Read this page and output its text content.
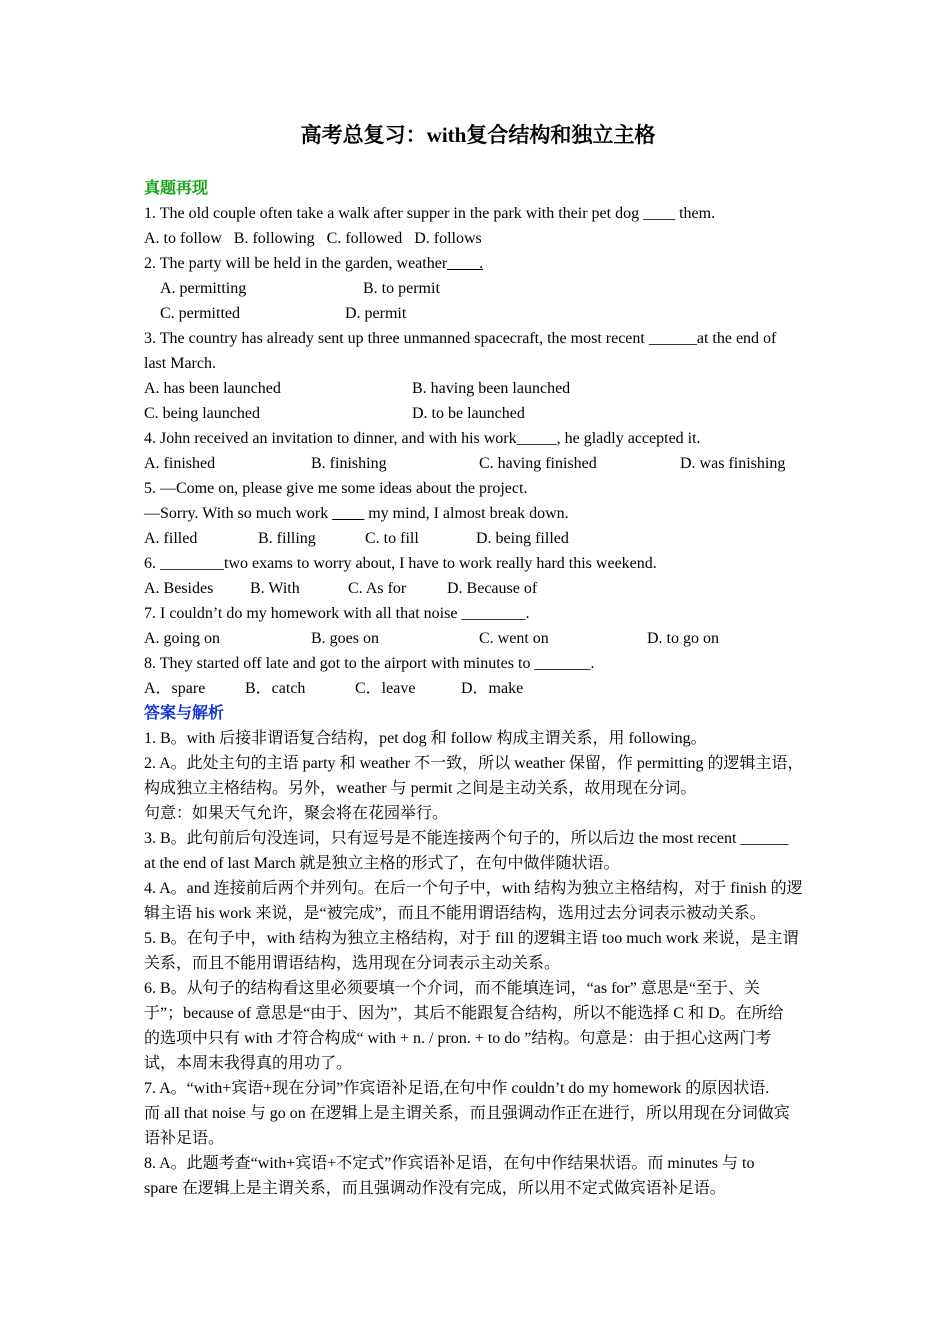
高考总复习：with复合结构和独立主格
真题再现
1. The old couple often take a walk after supper in the park with their pet dog ____ them.
A. to follow   B. following   C. followed   D. follows
2. The party will be held in the garden, weather____.
A. permitting	B. to permit
C. permitted	D. permit
3. The country has already sent up three unmanned spacecraft, the most recent ______at the end of
last March.
A. has been launched	B. having been launched
C. being launched	D. to be launched
4. John received an invitation to dinner, and with his work_____, he gladly accepted it.
A. finished	B. finishing	C. having finished	D. was finishing
5. —Come on, please give me some ideas about the project.
—Sorry. With so much work ____ my mind, I almost break down.
A. filled	B. filling	C. to fill	D. being filled
6. ________two exams to worry about, I have to work really hard this weekend.
A. Besides	B. With	C. As for	D. Because of
7. I couldn’t do my homework with all that noise ________.
A. going on	B. goes on	C. went on	D. to go on
8. They started off late and got to the airport with minutes to _______.
A．spare	B．catch	C．leave	D．make
答案与解析
1. B。with 后接非谓语复合结构，pet dog 和 follow 构成主谓关系，用 following。
2. A。此处主句的主语 party 和 weather 不一致，所以 weather 保留，作 permitting 的逻辑主语，
构成独立主格结构。另外，weather 与 permit 之间是主动关系，故用现在分词。
句意：如果天气允许，聚会将在花园举行。
3. B。此句前后句没连词，只有逗号是不能连接两个句子的，所以后边 the most recent ______
at the end of last March 就是独立主格的形式了，在句中做伴随状语。
4. A。and 连接前后两个并列句。在后一个句子中，with 结构为独立主格结构，对于 finish 的逻
辑主语 his work 来说，是“被完成”，而且不能用谓语结构，选用过去分词表示被动关系。
5. B。在句子中，with 结构为独立主格结构，对于 fill 的逻辑主语 too much work 来说，是主谓
关系，而且不能用谓语结构，选用现在分词表示主动关系。
6. B。从句子的结构看这里必须要填一个介词，而不能填连词，“as for” 意思是“至于、关
于”；because of 意思是“由于、因为”，其后不能跟复合结构，所以不能选择 C 和 D。在所给
的选项中只有 with 才符合构成“ with + n. / pron. + to do ”结构。句意是：由于担心这两门考
试，本周末我得真的用功了。
7. A。“with+宾语+现在分词”作宾语补足语,在句中作 couldn’t do my homework 的原因状语.
而 all that noise 与 go on 在逻辑上是主谓关系，而且强调动作正在进行，所以用现在分词做宾
语补足语。
8. A。此题考查“with+宾语+不定式”作宾语补足语，在句中作结果状语。而 minutes 与 to
spare 在逻辑上是主谓关系，而且强调动作没有完成，所以用不定式做宾语补足语。
